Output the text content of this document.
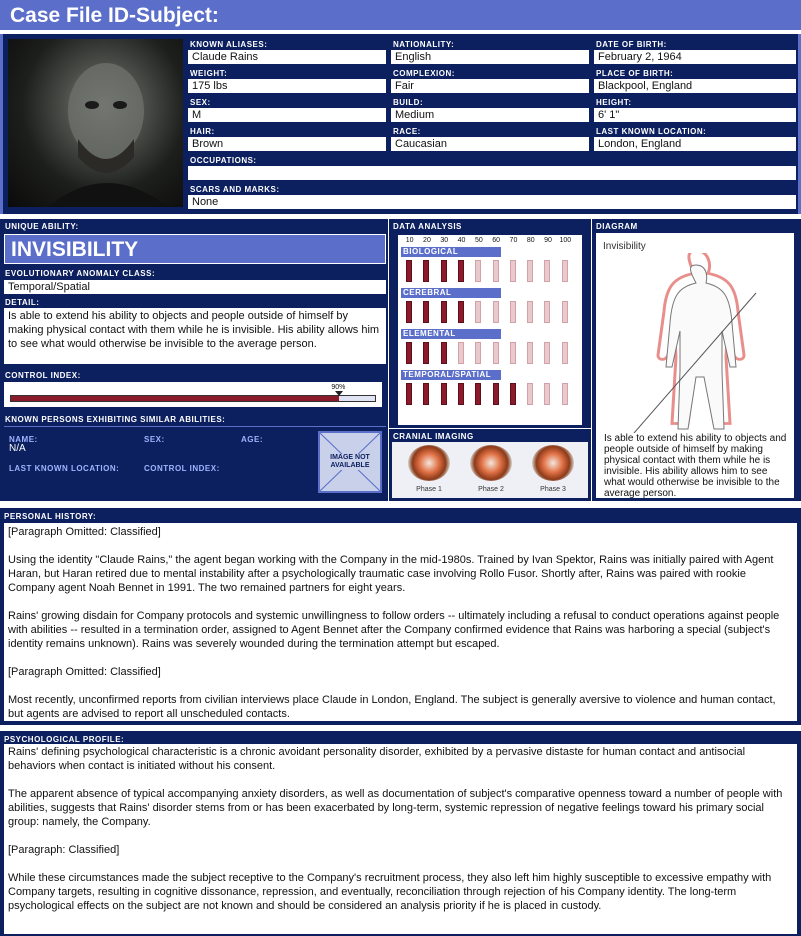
Case File ID-Subject:
KNOWN ALIASES:
Claude Rains
NATIONALITY:
English
DATE OF BIRTH:
February 2, 1964
WEIGHT:
175 lbs
COMPLEXION:
Fair
PLACE OF BIRTH:
Blackpool, England
SEX:
M
BUILD:
Medium
HEIGHT:
6' 1"
HAIR:
Brown
RACE:
Caucasian
LAST KNOWN LOCATION:
London, England
OCCUPATIONS:
SCARS AND MARKS:
None
UNIQUE ABILITY:
INVISIBILITY
EVOLUTIONARY ANOMALY CLASS:
Temporal/Spatial
DETAIL:
Is able to extend his ability to objects and people outside of himself by making physical contact with them while he is invisible. His ability allows him to see what would otherwise be invisible to the average person.
CONTROL INDEX:
90%
KNOWN PERSONS EXHIBITING SIMILAR ABILITIES:
NAME:
N/A
SEX:	AGE:
LAST KNOWN LOCATION:	CONTROL INDEX:
IMAGE NOT AVAILABLE
DATA ANALYSIS
10	20	30	40	50	60	70	80	90	100
BIOLOGICAL
CEREBRAL
ELEMENTAL
TEMPORAL/SPATIAL
CRANIAL IMAGING
Phase 1	Phase 2	Phase 3
DIAGRAM
Invisibility
Is able to extend his ability to objects and people outside of himself by making physical contact with them while he is invisible. His ability allows him to see what would otherwise be invisible to the average person.
PERSONAL HISTORY:

[Paragraph Omitted: Classified]

Using the identity "Claude Rains," the agent began working with the Company in the mid-1980s. Trained by Ivan Spektor, Rains was initially paired with Agent Haran, but Haran retired due to mental instability after a psychologically traumatic case involving Rollo Fusor. Shortly after, Rains was paired with rookie Company agent Noah Bennet in 1991. The two remained partners for eight years.

Rains' growing disdain for Company protocols and systemic unwillingness to follow orders -- ultimately including a refusal to conduct operations against people with abilities -- resulted in a termination order, assigned to Agent Bennet after the Company confirmed evidence that Rains was harboring a special (subject's identity remains unknown). Rains was severely wounded during the termination attempt but escaped.

[Paragraph Omitted: Classified]

Most recently, unconfirmed reports from civilian interviews place Claude in London, England. The subject is generally aversive to violence and human contact, but agents are advised to report all unscheduled contacts.

PSYCHOLOGICAL PROFILE:

Rains' defining psychological characteristic is a chronic avoidant personality disorder, exhibited by a pervasive distaste for human contact and antisocial behaviors when contact is initiated without his consent.

The apparent absence of typical accompanying anxiety disorders, as well as documentation of subject's comparative openness toward a number of people with abilities, suggests that Rains' disorder stems from or has been exacerbated by long-term, systemic repression of negative feelings toward his primary social group: namely, the Company.

[Paragraph: Classified]

While these circumstances made the subject receptive to the Company's recruitment process, they also left him highly susceptible to excessive empathy with Company targets, resulting in cognitive dissonance, repression, and eventually, reconciliation through rejection of his Company identity. The long-term psychological effects on the subject are not known and should be considered an analysis priority if he is placed in custody.
